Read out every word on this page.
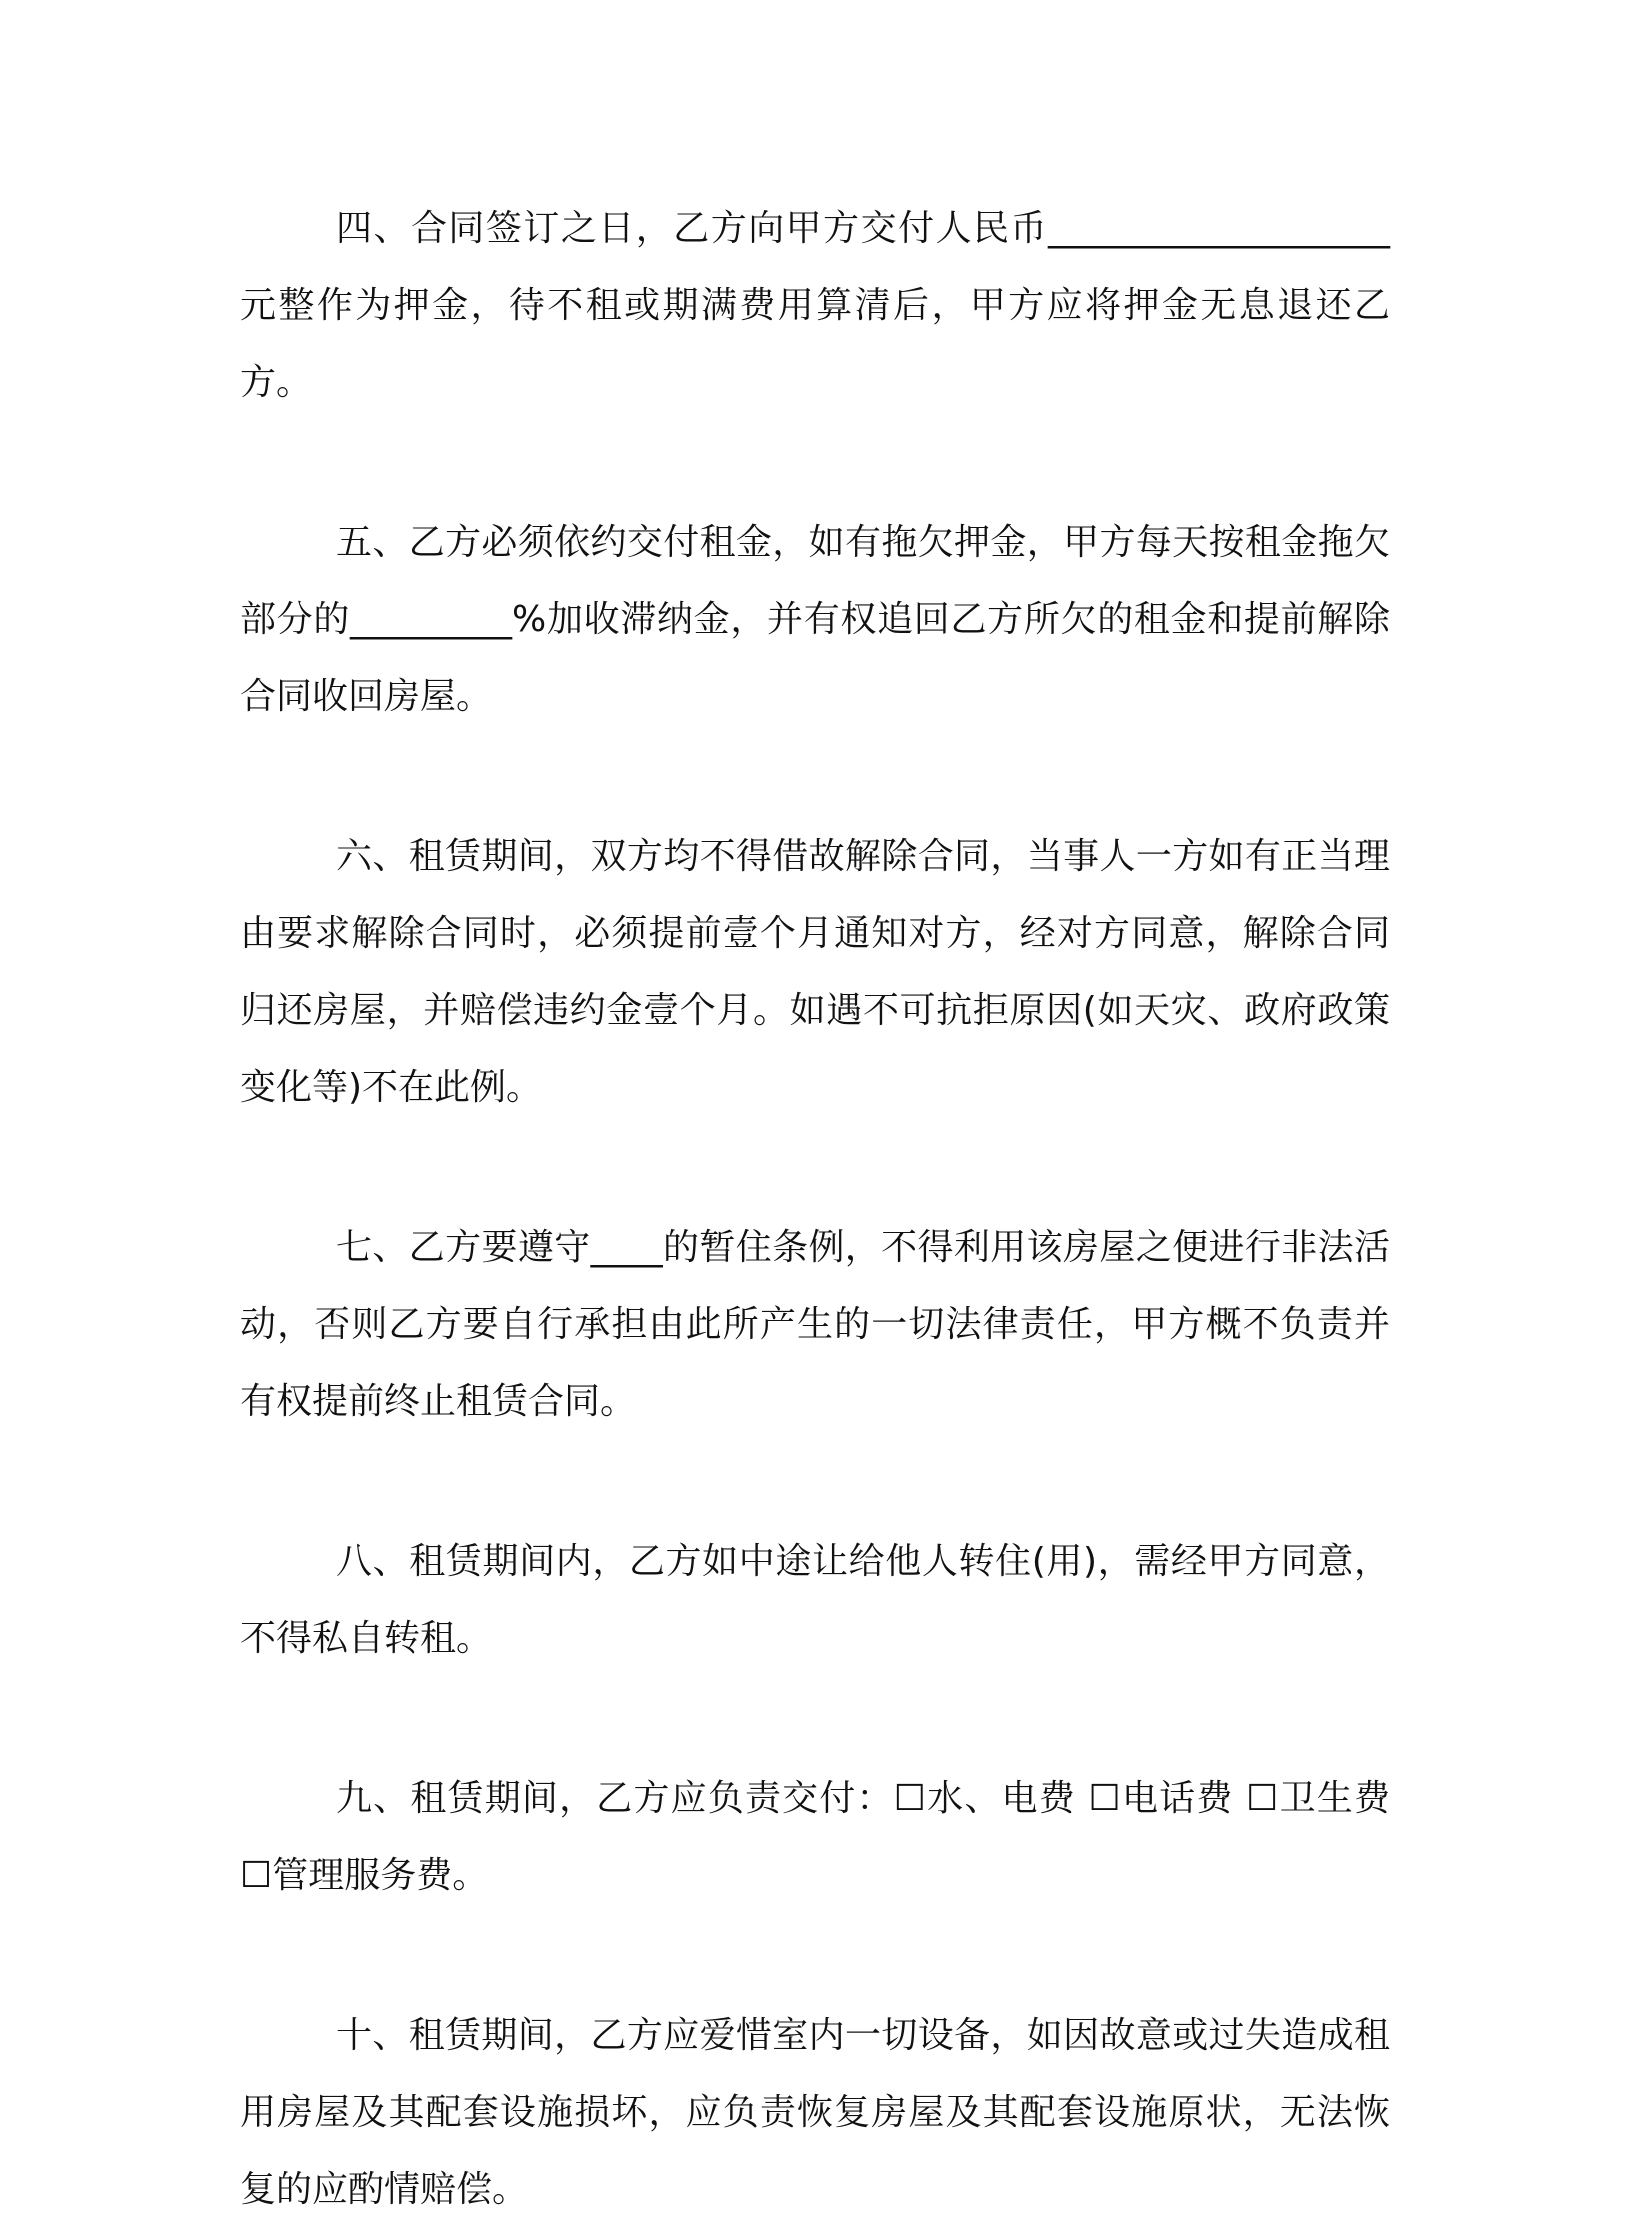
四、合同签订之日，乙方向甲方交付人民币___________________元整作为押金，待不租或期满费用算清后，甲方应将押金无息退还乙方。

五、乙方必须依约交付租金，如有拖欠押金，甲方每天按租金拖欠部分的_________%加收滞纳金，并有权追回乙方所欠的租金和提前解除合同收回房屋。

六、租赁期间，双方均不得借故解除合同，当事人一方如有正当理由要求解除合同时，必须提前壹个月通知对方，经对方同意，解除合同归还房屋，并赔偿违约金壹个月。如遇不可抗拒原因(如天灾、政府政策变化等)不在此例。

七、乙方要遵守____的暂住条例，不得利用该房屋之便进行非法活动，否则乙方要自行承担由此所产生的一切法律责任，甲方概不负责并有权提前终止租赁合同。

八、租赁期间内，乙方如中途让给他人转住(用)，需经甲方同意，不得私自转租。

九、租赁期间，乙方应负责交付：☐水、电费 ☐电话费 ☐卫生费 ☐管理服务费。

十、租赁期间，乙方应爱惜室内一切设备，如因故意或过失造成租用房屋及其配套设施损坏，应负责恢复房屋及其配套设施原状，无法恢复的应酌情赔偿。
